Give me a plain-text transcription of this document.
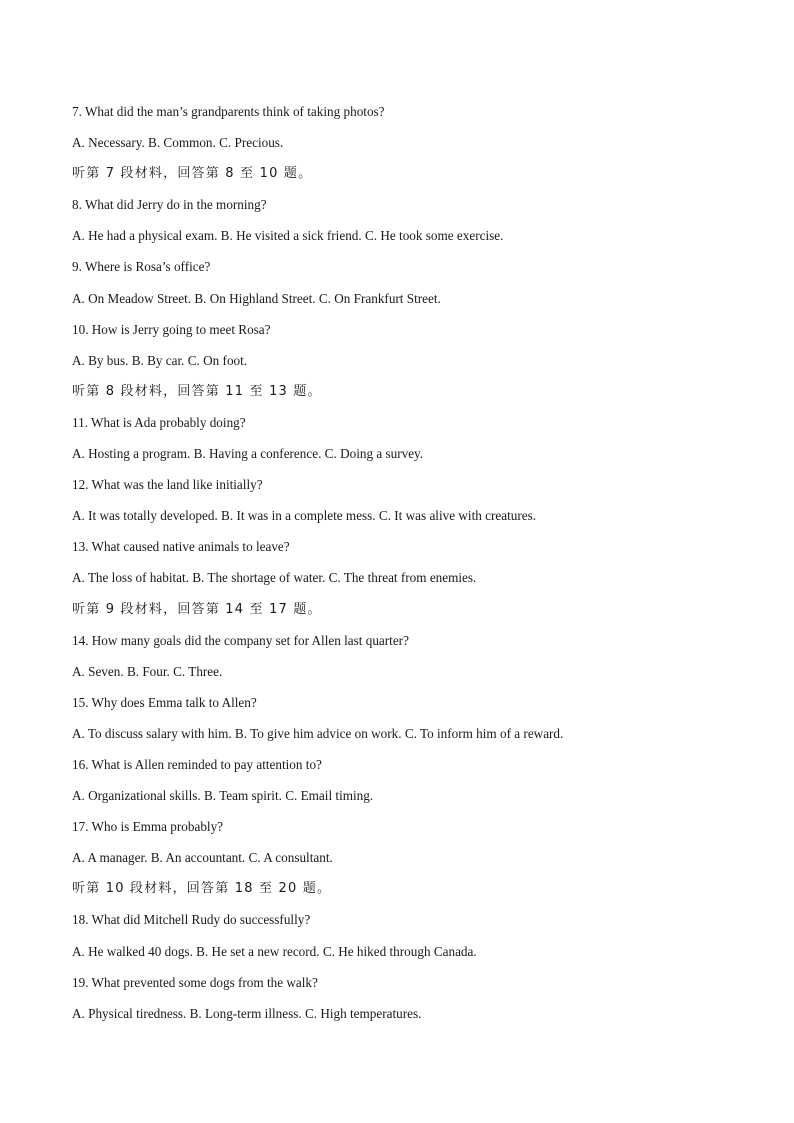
7. What did the man’s grandparents think of taking photos?
A. Necessary. B. Common. C. Precious.
听第 7 段材料，回答第 8 至 10 题。
8. What did Jerry do in the morning?
A. He had a physical exam. B. He visited a sick friend. C. He took some exercise.
9. Where is Rosa’s office?
A. On Meadow Street. B. On Highland Street. C. On Frankfurt Street.
10. How is Jerry going to meet Rosa?
A. By bus. B. By car. C. On foot.
听第 8 段材料，回答第 11 至 13 题。
11. What is Ada probably doing?
A. Hosting a program. B. Having a conference. C. Doing a survey.
12. What was the land like initially?
A. It was totally developed. B. It was in a complete mess. C. It was alive with creatures.
13. What caused native animals to leave?
A. The loss of habitat. B. The shortage of water. C. The threat from enemies.
听第 9 段材料，回答第 14 至 17 题。
14. How many goals did the company set for Allen last quarter?
A. Seven. B. Four. C. Three.
15. Why does Emma talk to Allen?
A. To discuss salary with him. B. To give him advice on work. C. To inform him of a reward.
16. What is Allen reminded to pay attention to?
A. Organizational skills. B. Team spirit. C. Email timing.
17. Who is Emma probably?
A. A manager. B. An accountant. C. A consultant.
听第 10 段材料，回答第 18 至 20 题。
18. What did Mitchell Rudy do successfully?
A. He walked 40 dogs. B. He set a new record. C. He hiked through Canada.
19. What prevented some dogs from the walk?
A. Physical tiredness. B. Long-term illness. C. High temperatures.
